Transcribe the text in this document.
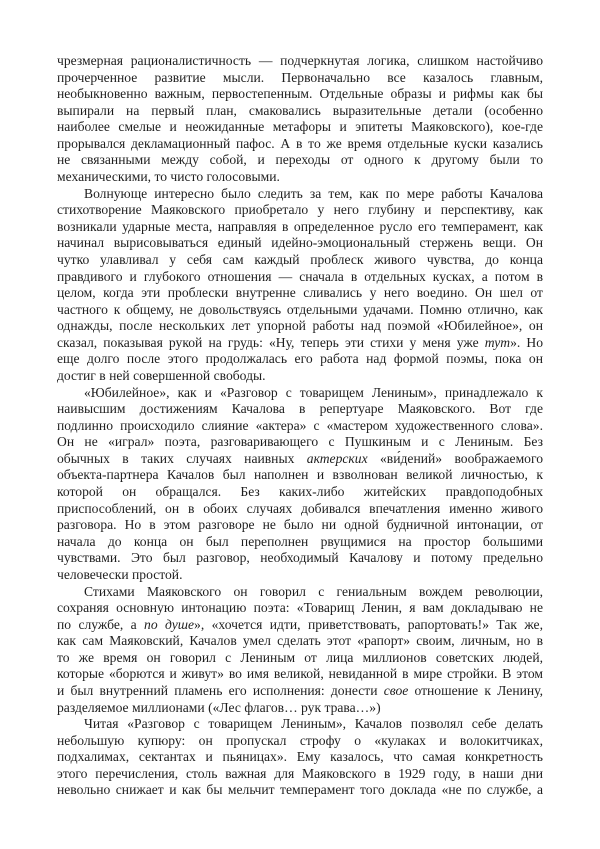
чрезмерная рационалистичность — подчеркнутая логика, слишком настойчиво
прочерченное развитие мысли. Первоначально все казалось главным,
необыкновенно важным, первостепенным. Отдельные образы и рифмы как бы
выпирали на первый план, смаковались выразительные детали (особенно
наиболее смелые и неожиданные метафоры и эпитеты Маяковского), кое-где
прорывался декламационный пафос. А в то же время отдельные куски казались
не связанными между собой, и переходы от одного к другому были то
механическими, то чисто голосовыми.
Волнующе интересно было следить за тем, как по мере работы Качалова
стихотворение Маяковского приобретало у него глубину и перспективу, как
возникали ударные места, направляя в определенное русло его темперамент, как
начинал вырисовываться единый идейно-эмоциональный стержень вещи. Он
чутко улавливал у себя сам каждый проблеск живого чувства, до конца
правдивого и глубокого отношения — сначала в отдельных кусках, а потом в
целом, когда эти проблески внутренне сливались у него воедино. Он шел от
частного к общему, не довольствуясь отдельными удачами. Помню отлично, как
однажды, после нескольких лет упорной работы над поэмой «Юбилейное», он
сказал, показывая рукой на грудь: «Ну, теперь эти стихи у меня уже тут». Но
еще долго после этого продолжалась его работа над формой поэмы, пока он
достиг в ней совершенной свободы.
«Юбилейное», как и «Разговор с товарищем Лениным», принадлежало к
наивысшим достижениям Качалова в репертуаре Маяковского. Вот где
подлинно происходило слияние «актера» с «мастером художественного слова».
Он не «играл» поэта, разговаривающего с Пушкиным и с Лениным. Без
обычных в таких случаях наивных актерских «ви́дений» воображаемого
объекта-партнера Качалов был наполнен и взволнован великой личностью, к
которой он обращался. Без каких-либо житейских правдоподобных
приспособлений, он в обоих случаях добивался впечатления именно живого
разговора. Но в этом разговоре не было ни одной будничной интонации, от
начала до конца он был переполнен рвущимися на простор большими
чувствами. Это был разговор, необходимый Качалову и потому предельно
человечески простой.
Стихами Маяковского он говорил с гениальным вождем революции,
сохраняя основную интонацию поэта: «Товарищ Ленин, я вам докладываю не
по службе, а по душе», «хочется идти, приветствовать, рапортовать!» Так же,
как сам Маяковский, Качалов умел сделать этот «рапорт» своим, личным, но в
то же время он говорил с Лениным от лица миллионов советских людей,
которые «борются и живут» во имя великой, невиданной в мире стройки. В этом
и был внутренний пламень его исполнения: донести свое отношение к Ленину,
разделяемое миллионами («Лес флагов… рук трава…»)
Читая «Разговор с товарищем Лениным», Качалов позволял себе делать
небольшую купюру: он пропускал строфу о «кулаках и волокитчиках,
подхалимах, сектантах и пьяницах». Ему казалось, что самая конкретность
этого перечисления, столь важная для Маяковского в 1929 году, в наши дни
невольно снижает и как бы мельчит темперамент того доклада «не по службе, а
